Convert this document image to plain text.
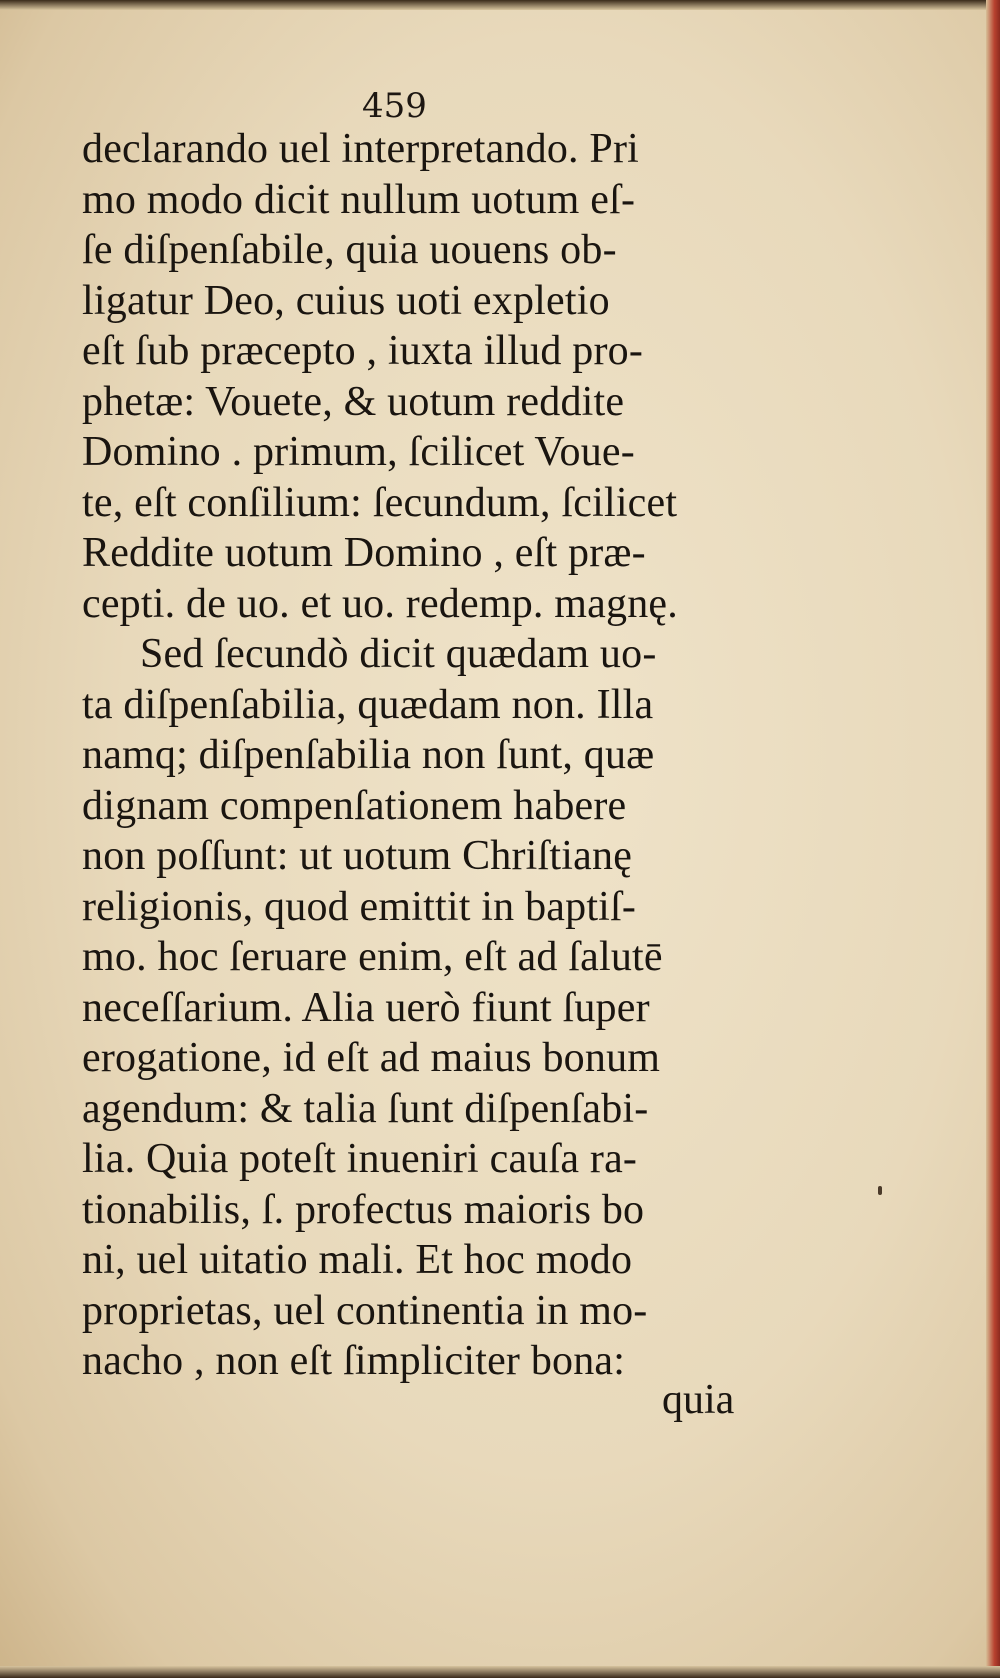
459
declarando uel interpretando. Pri
mo modo dicit nullum uotum eſ-
ſe diſpenſabile, quia uouens ob-
ligatur Deo, cuius uoti expletio
eſt ſub præcepto , iuxta illud pro-
phetæ: Vouete, & uotum reddite
Domino . primum, ſcilicet Voue-
te, eſt conſilium: ſecundum, ſcilicet
Reddite uotum Domino , eſt præ-
cepti. de uo. et uo. redemp. magnę.
Sed ſecundò dicit quædam uo-
ta diſpenſabilia, quædam non. Illa
namq; diſpenſabilia non ſunt, quæ
dignam compenſationem habere
non poſſunt: ut uotum Chriſtianę
religionis, quod emittit in baptiſ-
mo. hoc ſeruare enim, eſt ad ſalutē
neceſſarium. Alia uerò fiunt ſuper
erogatione, id eſt ad maius bonum
agendum: & talia ſunt diſpenſabi-
lia. Quia poteſt inueniri cauſa ra-
tionabilis, ſ. profectus maioris bo
ni, uel uitatio mali. Et hoc modo
proprietas, uel continentia in mo-
nacho , non eſt ſimpliciter bona:
quia
